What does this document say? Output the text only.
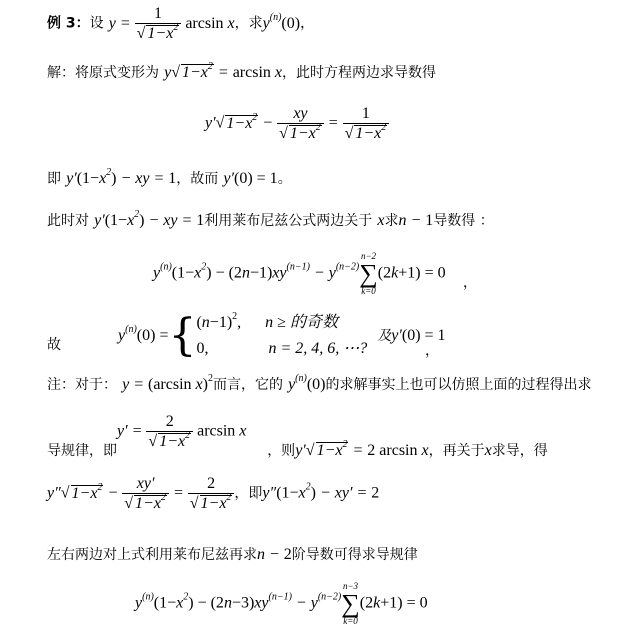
例 3：设 $y = \frac{1}{√ 1-x^2}$ arcsin x，求$y^{(n)}(0)$，
解：将原式变形为 y√ $1-x^2 = \arcsin x$，此时方程两边求导数得
y′√ $1-x^2 - \frac{xy}{√ 1-x^2} = \frac{1}{√ 1-x^2}$
即 $y'(1-x^2)$ − xy = 1，故而 y′(0) = 1。
此时对 $y'(1-x^2)$ − xy = 1利用莱布尼兹公式两边关于 x求n − 1导数得 ：
$y^{(n)}(1-x^2) - (2n-1)xy^{(n-1)} - y^{(n-2)}$
n−2
∑
k=0
(2k+1) = 0
，
故
$y^{(n)}(0)$ ={ $(n-1)^2$,      n ≥ 的奇数
0,	n = 2, 4, 6, ⋯?
及y′(0) = 1
，
注：对于： y = (arcsin x)$^2$而言，它的 $y^{(n)}(0)$的求解事实上也可以仿照上面的过程得出求
$y' = \frac{2}{√ 1-x^2}$ arcsin x
导规律，即	，则y′√ $1-x^2 = 2$ arcsin x，再关于x求导，得
y″√ $1-x^2 - \frac{xy'}{√ 1-x^2} = \frac{2}{√ 1-x^2}$ ，即$y''(1-x^2) - xy' = 2$
左右两边对上式利用莱布尼兹再求n − 2阶导数可得求导规律
$y^{(n)}(1-x^2) - (2n-3)xy^{(n-1)} - y^{(n-2)}$
n−3
∑
k=0
(2k+1) = 0
